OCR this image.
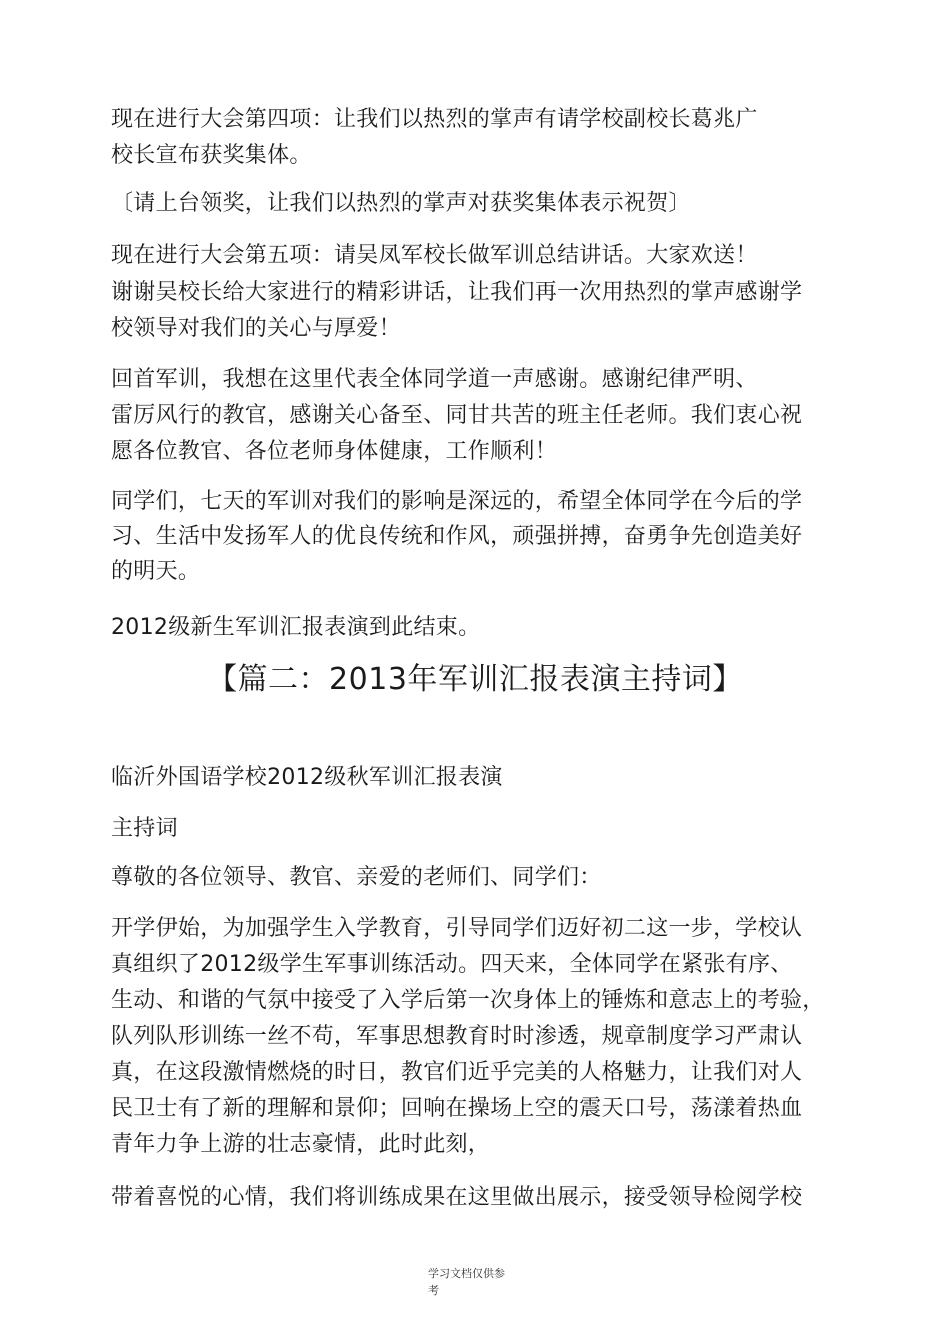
现在进行大会第四项：让我们以热烈的掌声有请学校副校长葛兆广
校长宣布获奖集体。
〔请上台领奖，让我们以热烈的掌声对获奖集体表示祝贺〕
现在进行大会第五项：请吴凤军校长做军训总结讲话。大家欢送！
谢谢吴校长给大家进行的精彩讲话，让我们再一次用热烈的掌声感谢学
校领导对我们的关心与厚爱！
回首军训，我想在这里代表全体同学道一声感谢。感谢纪律严明、
雷厉风行的教官，感谢关心备至、同甘共苦的班主任老师。我们衷心祝
愿各位教官、各位老师身体健康，工作顺利！
同学们，七天的军训对我们的影响是深远的，希望全体同学在今后的学
习、生活中发扬军人的优良传统和作风，顽强拼搏，奋勇争先创造美好
的明天。
2012级新生军训汇报表演到此结束。
【篇二：2013年军训汇报表演主持词】
临沂外国语学校2012级秋军训汇报表演
主持词
尊敬的各位领导、教官、亲爱的老师们、同学们：
开学伊始，为加强学生入学教育，引导同学们迈好初二这一步，学校认
真组织了2012级学生军事训练活动。四天来，全体同学在紧张有序、
生动、和谐的气氛中接受了入学后第一次身体上的锤炼和意志上的考验，
队列队形训练一丝不苟，军事思想教育时时渗透，规章制度学习严肃认
真，在这段激情燃烧的时日，教官们近乎完美的人格魅力，让我们对人
民卫士有了新的理解和景仰；回响在操场上空的震天口号，荡漾着热血
青年力争上游的壮志豪情，此时此刻，
带着喜悦的心情，我们将训练成果在这里做出展示，接受领导检阅学校
学习文档仅供参
考
